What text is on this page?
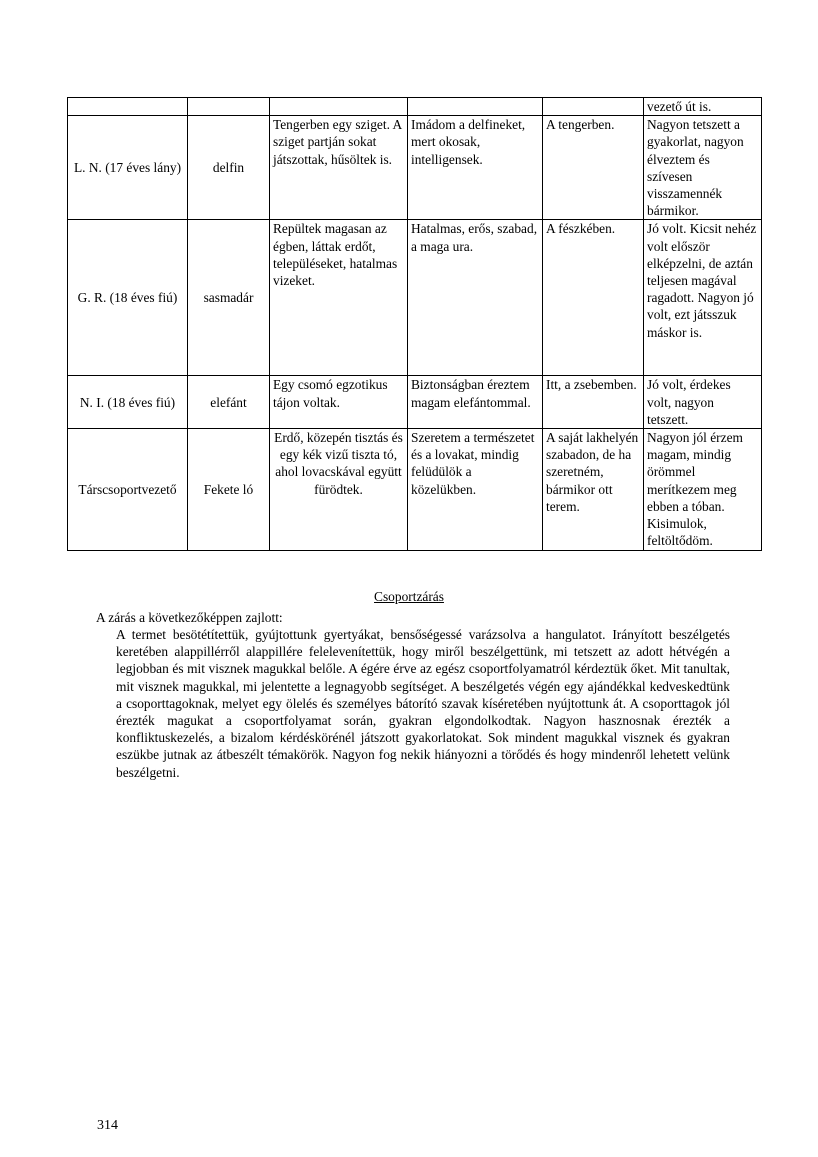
					vezető út is.
L. N. (17 éves lány)	delfin	Tengerben egy sziget. A sziget partján sokat játszottak, hűsöltek is.	Imádom a delfineket, mert okosak, intelligensek.	A tengerben.	Nagyon tetszett a gyakorlat, nagyon élveztem és szívesen visszamennék bármikor.
G. R. (18 éves fiú)	sasmadár	Repültek magasan az égben, láttak erdőt, településeket, hatalmas vizeket.	Hatalmas, erős, szabad, a maga ura.	A fészkében.	Jó volt. Kicsit nehéz volt először elképzelni, de aztán teljesen magával ragadott. Nagyon jó volt, ezt játsszuk máskor is.
N. I. (18 éves fiú)	elefánt	Egy csomó egzotikus tájon voltak.	Biztonságban éreztem magam elefántommal.	Itt, a zsebemben.	Jó volt, érdekes volt, nagyon tetszett.
Társcsoportvezető	Fekete ló	Erdő, közepén tisztás és egy kék vizű tiszta tó, ahol lovacskával együtt fürödtek.	Szeretem a természetet és a lovakat, mindig felüdülök a közelükben.	A saját lakhelyén szabadon, de ha szeretném, bármikor ott terem.	Nagyon jól érzem magam, mindig örömmel merítkezem meg ebben a tóban. Kisimulok, feltöltődöm.
Csoportzárás
A zárás a következőképpen zajlott:
A termet besötétítettük, gyújtottunk gyertyákat, bensőségessé varázsolva a hangulatot. Irányított beszélgetés keretében alappillérről alappillére felelevenítettük, hogy miről beszélgettünk, mi tetszett az adott hétvégén a legjobban és mit visznek magukkal belőle. A égére érve az egész csoportfolyamatról kérdeztük őket. Mit tanultak, mit visznek magukkal, mi jelentette a legnagyobb segítséget. A beszélgetés végén egy ajándékkal kedveskedtünk a csoporttagoknak, melyet egy ölelés és személyes bátorító szavak kíséretében nyújtottunk át. A csoporttagok jól érezték magukat a csoportfolyamat során, gyakran elgondolkodtak. Nagyon hasznosnak érezték a konfliktuskezelés, a bizalom kérdéskörénél játszott gyakorlatokat. Sok mindent magukkal visznek és gyakran eszükbe jutnak az átbeszélt témakörök. Nagyon fog nekik hiányozni a törődés és hogy mindenről lehetett velünk beszélgetni.
314
